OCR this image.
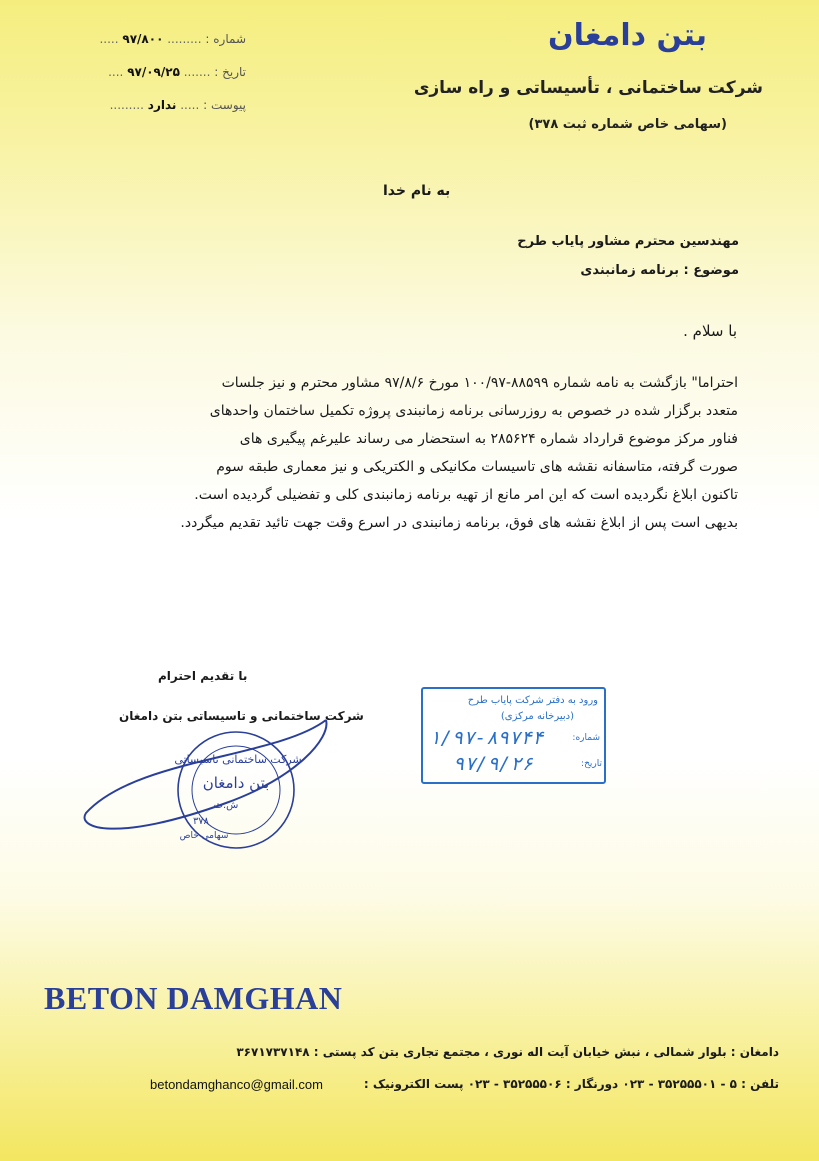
بتن دامغان
شرکت ساختمانی ، تأسیساتی و راه سازی
(سهامی خاص شماره ثبت ۳۷۸)
شماره : ......... ۹۷/۸۰۰ .....
تاریخ : ....... ۹۷/۰۹/۲۵ ....
پیوست : ..... ندارد .........
به نام خدا
مهندسین محترم مشاور پایاب طرح
موضوع : برنامه زمانبندی
با سلام .
احتراما" بازگشت به نامه شماره ۸۸۵۹۹-۱۰۰/۹۷ مورخ ۹۷/۸/۶ مشاور محترم و نیز جلسات
متعدد برگزار شده در خصوص به روزرسانی برنامه زمانبندی پروژه تکمیل ساختمان واحدهای
فناور مرکز موضوع قرارداد شماره ۲۸۵۶۲۴ به استحضار می رساند علیرغم پیگیری های
صورت گرفته، متاسفانه نقشه های تاسیسات مکانیکی و الکتریکی و نیز معماری طبقه سوم
تاکنون ابلاغ نگردیده است که این امر مانع از تهیه برنامه زمانبندی کلی و تفضیلی گردیده است.
بدیهی است پس از ابلاغ نقشه های فوق، برنامه زمانبندی در اسرع وقت جهت تائید تقدیم میگردد.
با تقدیم احترام
شرکت ساختمانی و تاسیساتی بتن دامغان
شرکت ساختمانی تاسیساتی
بتن دامغان
ش.ث
۳۷۸
سهامی خاص
ورود به دفتر شرکت پایاب طرح
(دبیرخانه مرکزی)
شماره:
۱/۹۷-۸۹۷۴۴
تاریخ:
۹۷/۹/۲۶
BETON DAMGHAN
دامغان : بلوار شمالی ، نبش خیابان آیت اله نوری ، مجتمع تجاری بتن کد پستی : ۳۶۷۱۷۳۷۱۴۸
تلفن : ۵ - ۳۵۲۵۵۵۰۱ - ۰۲۳ دورنگار : ۳۵۲۵۵۵۰۶ - ۰۲۳ پست الکترونیک :
betondamghanco@gmail.com
